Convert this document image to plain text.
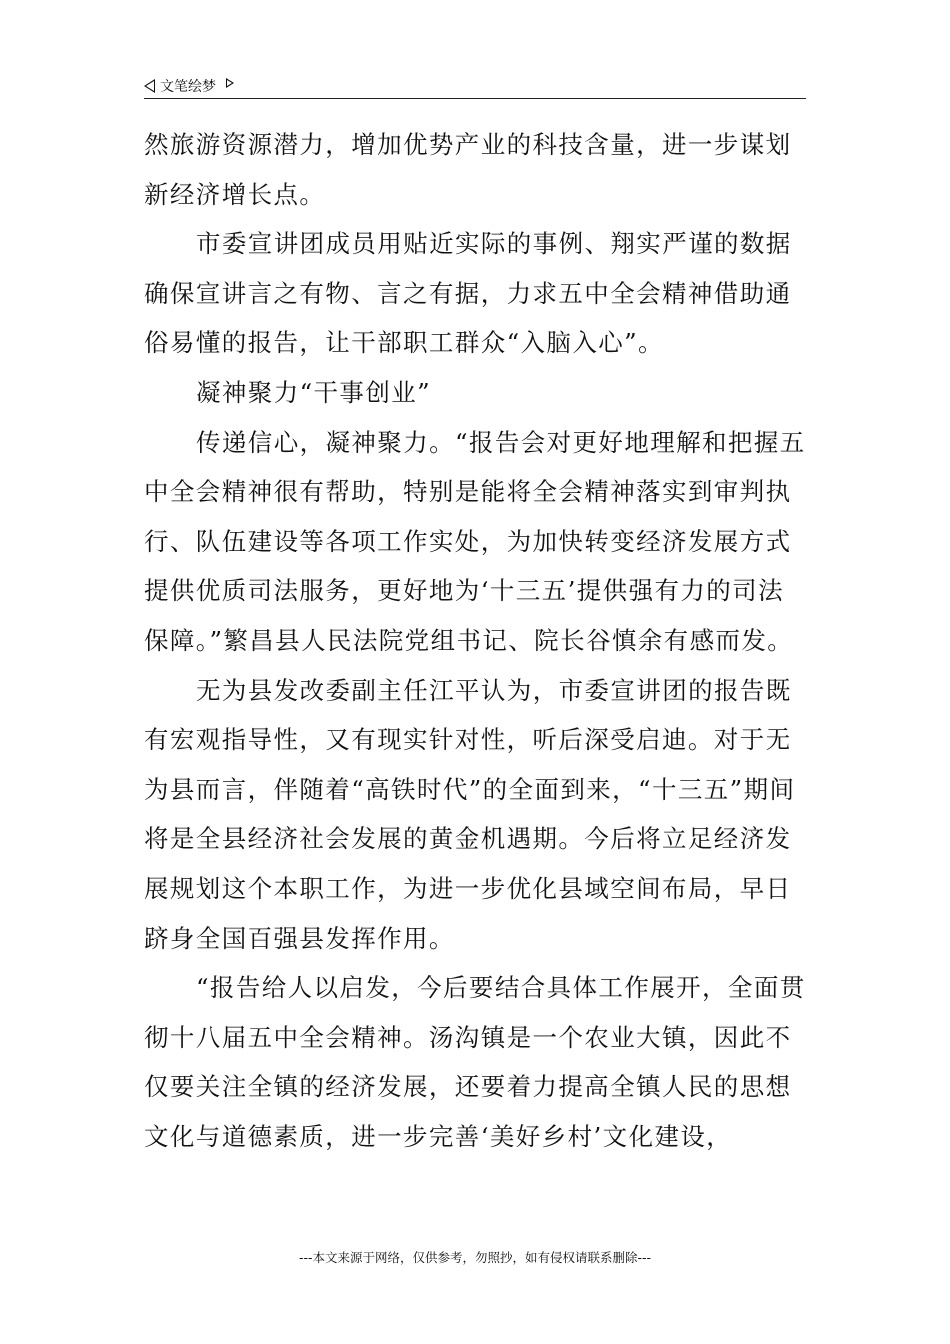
文笔绘梦

然旅游资源潜力，增加优势产业的科技含量，进一步谋划新经济增长点。

市委宣讲团成员用贴近实际的事例、翔实严谨的数据确保宣讲言之有物、言之有据，力求五中全会精神借助通俗易懂的报告，让干部职工群众“入脑入心”。

凝神聚力“干事创业”

传递信心，凝神聚力。“报告会对更好地理解和把握五中全会精神很有帮助，特别是能将全会精神落实到审判执行、队伍建设等各项工作实处，为加快转变经济发展方式提供优质司法服务，更好地为‘十三五’提供强有力的司法保障。”繁昌县人民法院党组书记、院长谷慎余有感而发。

无为县发改委副主任江平认为，市委宣讲团的报告既有宏观指导性，又有现实针对性，听后深受启迪。对于无为县而言，伴随着“高铁时代”的全面到来，“十三五”期间将是全县经济社会发展的黄金机遇期。今后将立足经济发展规划这个本职工作，为进一步优化县域空间布局，早日跻身全国百强县发挥作用。

“报告给人以启发，今后要结合具体工作展开，全面贯彻十八届五中全会精神。汤沟镇是一个农业大镇，因此不仅要关注全镇的经济发展，还要着力提高全镇人民的思想文化与道德素质，进一步完善‘美好乡村’文化建设，

---本文来源于网络，仅供参考，勿照抄，如有侵权请联系删除---
